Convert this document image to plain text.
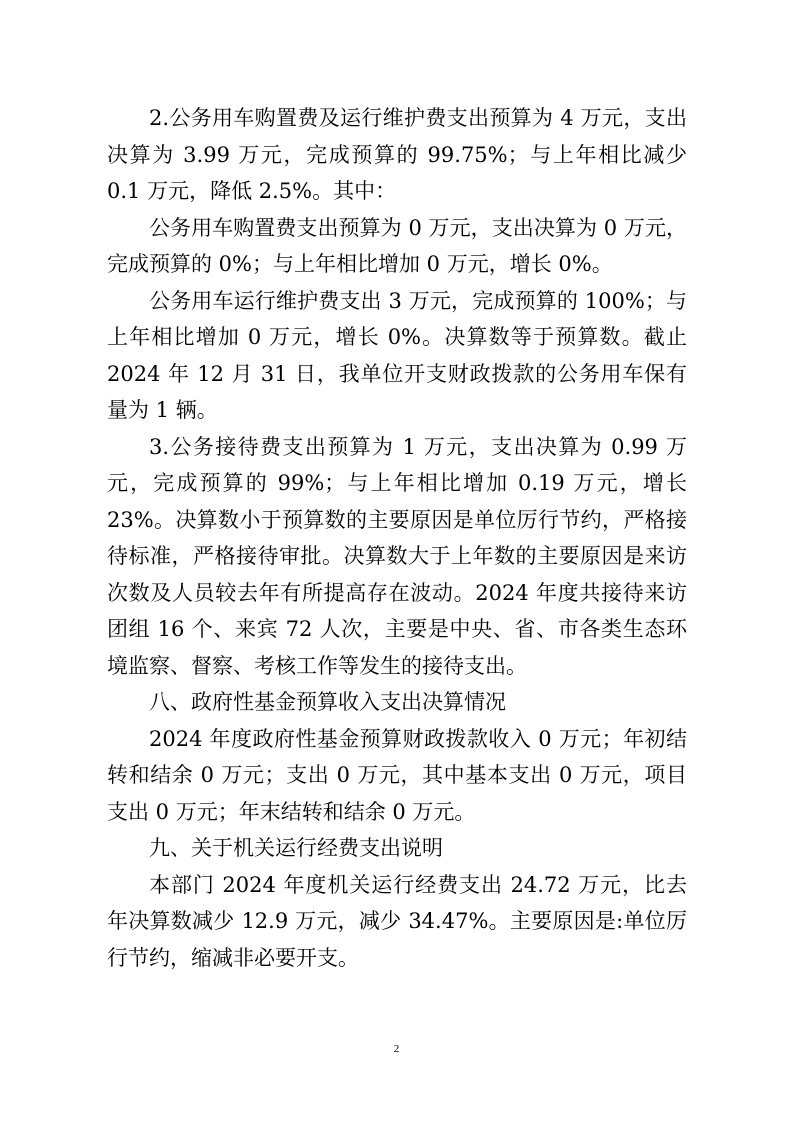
2.公务用车购置费及运行维护费支出预算为 4 万元，支出决算为 3.99 万元，完成预算的 99.75%；与上年相比减少 0.1 万元，降低 2.5%。其中：

公务用车购置费支出预算为 0 万元，支出决算为 0 万元，完成预算的 0%；与上年相比增加 0 万元，增长 0%。

公务用车运行维护费支出 3 万元，完成预算的 100%；与上年相比增加 0 万元，增长 0%。决算数等于预算数。截止 2024 年 12 月 31 日，我单位开支财政拨款的公务用车保有量为 1 辆。

3.公务接待费支出预算为 1 万元，支出决算为 0.99 万元，完成预算的 99%；与上年相比增加 0.19 万元，增长 23%。决算数小于预算数的主要原因是单位厉行节约，严格接待标准，严格接待审批。决算数大于上年数的主要原因是来访次数及人员较去年有所提高存在波动。2024 年度共接待来访团组 16 个、来宾 72 人次，主要是中央、省、市各类生态环境监察、督察、考核工作等发生的接待支出。

八、政府性基金预算收入支出决算情况

2024 年度政府性基金预算财政拨款收入 0 万元；年初结转和结余 0 万元；支出 0 万元，其中基本支出 0 万元，项目支出 0 万元；年末结转和结余 0 万元。

九、关于机关运行经费支出说明

本部门 2024 年度机关运行经费支出 24.72 万元，比去年决算数减少 12.9 万元，减少 34.47%。主要原因是:单位厉行节约，缩减非必要开支。

2
